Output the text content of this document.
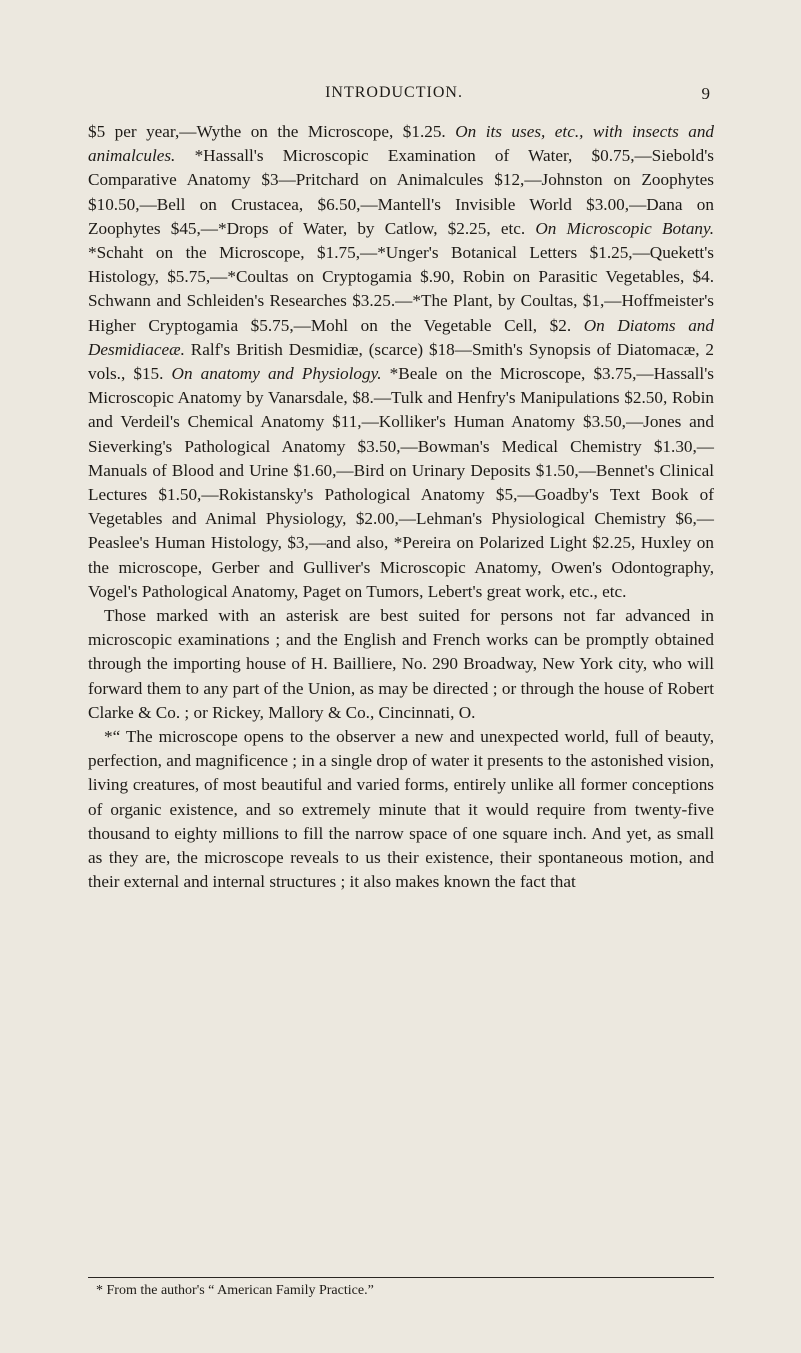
INTRODUCTION.	9

$5 per year,—Wythe on the Microscope, $1.25. On its uses, etc., with insects and animalcules. *Hassall's Microscopic Examination of Water, $0.75,—Siebold's Comparative Anatomy $3—Pritchard on Animalcules $12,—Johnston on Zoophytes $10.50,—Bell on Crustacea, $6.50,—Mantell's Invisible World $3.00,—Dana on Zoophytes $45,—*Drops of Water, by Catlow, $2.25, etc. On Microscopic Botany. *Schaht on the Microscope, $1.75,—*Unger's Botanical Letters $1.25,—Quekett's Histology, $5.75,—*Coultas on Cryptogamia $.90, Robin on Parasitic Vegetables, $4. Schwann and Schleiden's Researches $3.25.—*The Plant, by Coultas, $1,—Hoffmeister's Higher Cryptogamia $5.75,—Mohl on the Vegetable Cell, $2. On Diatoms and Desmidiaceæ. Ralf's British Desmidiæ, (scarce) $18—Smith's Synopsis of Diatomacæ, 2 vols., $15. On anatomy and Physiology. *Beale on the Microscope, $3.75,—Hassall's Microscopic Anatomy by Vanarsdale, $8.—Tulk and Henfry's Manipulations $2.50, Robin and Verdeil's Chemical Anatomy $11,—Kolliker's Human Anatomy $3.50,—Jones and Sieverking's Pathological Anatomy $3.50,—Bowman's Medical Chemistry $1.30,—Manuals of Blood and Urine $1.60,—Bird on Urinary Deposits $1.50,—Bennet's Clinical Lectures $1.50,—Rokistansky's Pathological Anatomy $5,—Goadby's Text Book of Vegetables and Animal Physiology, $2.00,—Lehman's Physiological Chemistry $6,—Peaslee's Human Histology, $3,—and also, *Pereira on Polarized Light $2.25, Huxley on the microscope, Gerber and Gulliver's Microscopic Anatomy, Owen's Odontography, Vogel's Pathological Anatomy, Paget on Tumors, Lebert's great work, etc., etc.

Those marked with an asterisk are best suited for persons not far advanced in microscopic examinations ; and the English and French works can be promptly obtained through the importing house of H. Bailliere, No. 290 Broadway, New York city, who will forward them to any part of the Union, as may be directed ; or through the house of Robert Clarke & Co. ; or Rickey, Mallory & Co., Cincinnati, O.

*“ The microscope opens to the observer a new and unexpected world, full of beauty, perfection, and magnificence ; in a single drop of water it presents to the astonished vision, living creatures, of most beautiful and varied forms, entirely unlike all former conceptions of organic existence, and so extremely minute that it would require from twenty-five thousand to eighty millions to fill the narrow space of one square inch. And yet, as small as they are, the microscope reveals to us their existence, their spontaneous motion, and their external and internal structures ; it also makes known the fact that

* From the author's “ American Family Practice.”
